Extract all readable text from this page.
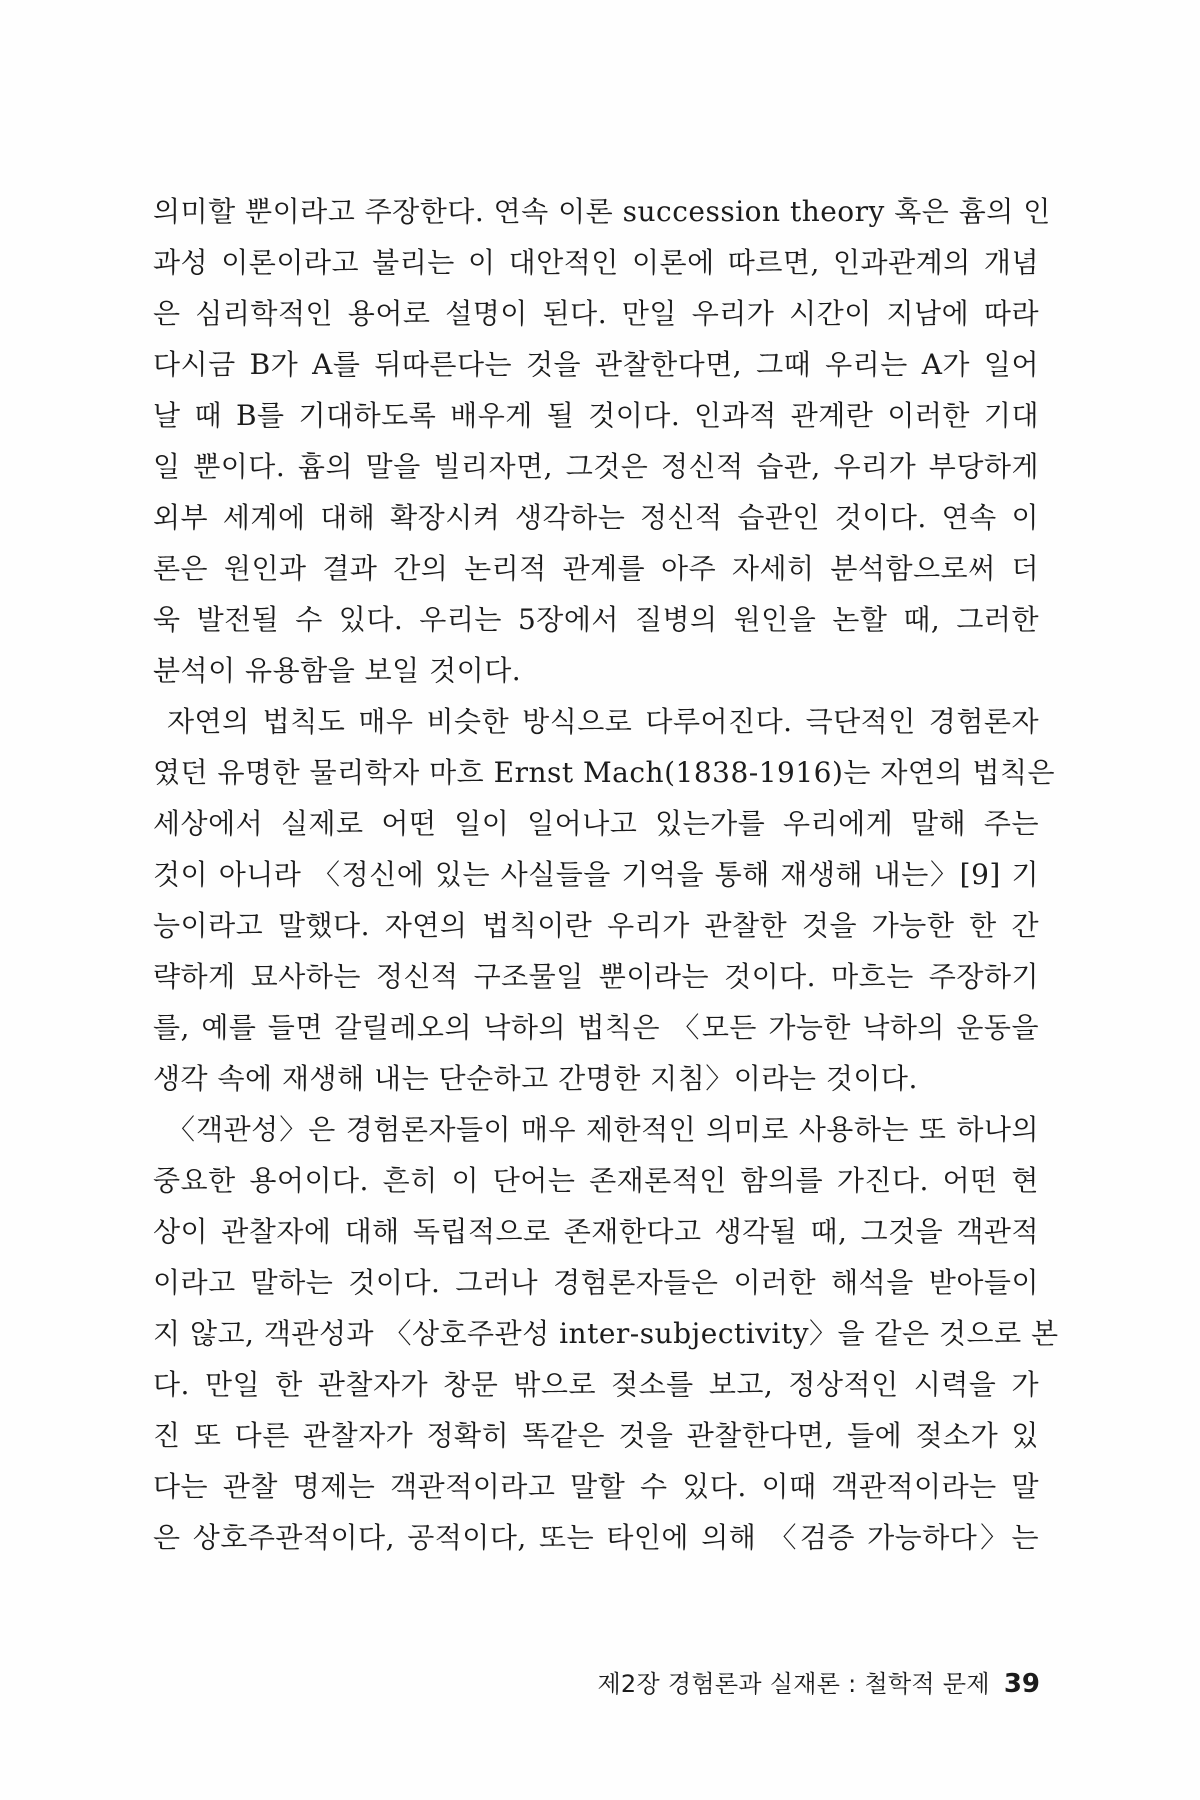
의미할 뿐이라고 주장한다. 연속 이론 succession theory 혹은 흄의 인
과성 이론이라고 불리는 이 대안적인 이론에 따르면, 인과관계의 개념
은 심리학적인 용어로 설명이 된다. 만일 우리가 시간이 지남에 따라
다시금 B가 A를 뒤따른다는 것을 관찰한다면, 그때 우리는 A가 일어
날 때 B를 기대하도록 배우게 될 것이다. 인과적 관계란 이러한 기대
일 뿐이다. 흄의 말을 빌리자면, 그것은 정신적 습관, 우리가 부당하게
외부 세계에 대해 확장시켜 생각하는 정신적 습관인 것이다. 연속 이
론은 원인과 결과 간의 논리적 관계를 아주 자세히 분석함으로써 더
욱 발전될 수 있다. 우리는 5장에서 질병의 원인을 논할 때, 그러한
분석이 유용함을 보일 것이다.
자연의 법칙도 매우 비슷한 방식으로 다루어진다. 극단적인 경험론자
였던 유명한 물리학자 마흐 Ernst Mach(1838-1916)는 자연의 법칙은
세상에서 실제로 어떤 일이 일어나고 있는가를 우리에게 말해 주는
것이 아니라 〈정신에 있는 사실들을 기억을 통해 재생해 내는〉[9] 기
능이라고 말했다. 자연의 법칙이란 우리가 관찰한 것을 가능한 한 간
략하게 묘사하는 정신적 구조물일 뿐이라는 것이다. 마흐는 주장하기
를, 예를 들면 갈릴레오의 낙하의 법칙은 〈모든 가능한 낙하의 운동을
생각 속에 재생해 내는 단순하고 간명한 지침〉이라는 것이다.
〈객관성〉은 경험론자들이 매우 제한적인 의미로 사용하는 또 하나의
중요한 용어이다. 흔히 이 단어는 존재론적인 함의를 가진다. 어떤 현
상이 관찰자에 대해 독립적으로 존재한다고 생각될 때, 그것을 객관적
이라고 말하는 것이다. 그러나 경험론자들은 이러한 해석을 받아들이
지 않고, 객관성과 〈상호주관성 inter-subjectivity〉을 같은 것으로 본
다. 만일 한 관찰자가 창문 밖으로 젖소를 보고, 정상적인 시력을 가
진 또 다른 관찰자가 정확히 똑같은 것을 관찰한다면, 들에 젖소가 있
다는 관찰 명제는 객관적이라고 말할 수 있다. 이때 객관적이라는 말
은 상호주관적이다, 공적이다, 또는 타인에 의해 〈검증 가능하다〉는
제2장 경험론과 실재론 : 철학적 문제 39
